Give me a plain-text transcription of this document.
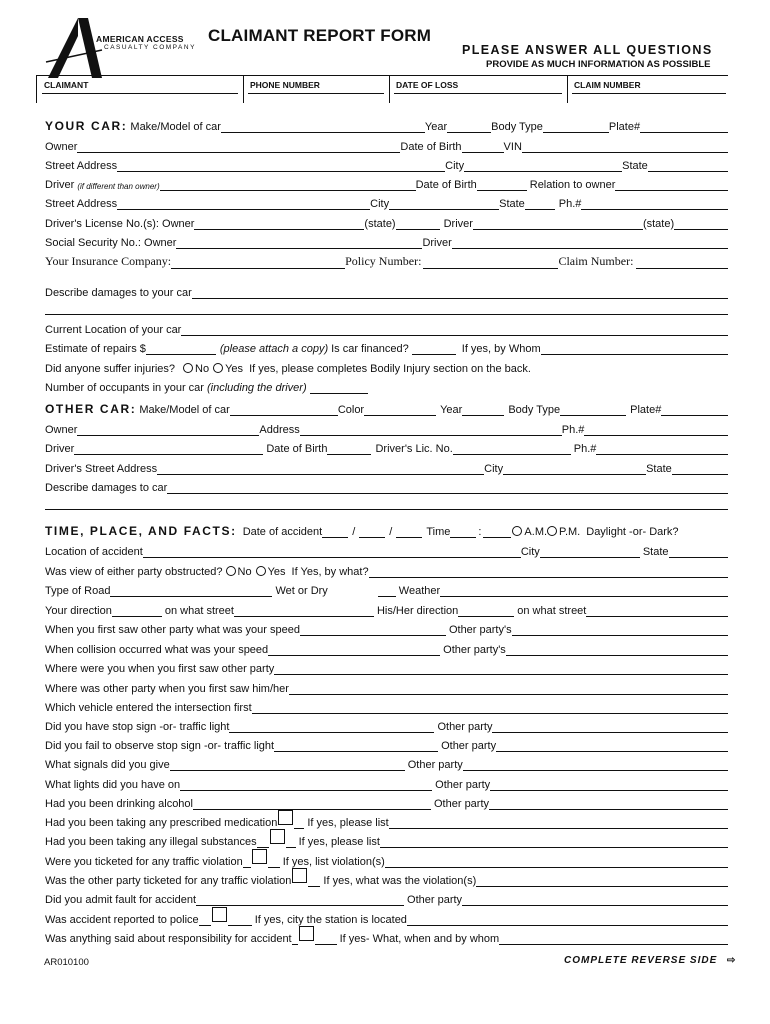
AMERICAN ACCESS
CASUALTY COMPANY
CLAIMANT REPORT FORM
PLEASE ANSWER ALL QUESTIONS
PROVIDE AS MUCH INFORMATION AS POSSIBLE
CLAIMANT	PHONE NUMBER	DATE OF LOSS	CLAIM NUMBER
YOUR CAR: Make/Model of car	Year	Body Type	Plate#
Owner	Date of Birth	VIN
Street Address	City	State
Driver (if different than owner)	Date of Birth	Relation to owner
Street Address	City	State	Ph.#
Driver's License No.(s): Owner	(state)	Driver	(state)
Social Security No.: Owner	Driver
Your Insurance Company:	Policy Number:	Claim Number:
Describe damages to your car
Current Location of your car
Estimate of repairs $	(please attach a copy) Is car financed?	If yes, by Whom
Did anyone suffer injuries? No Yes If yes, please completes Bodily Injury section on the back.
Number of occupants in your car (including the driver)
OTHER CAR: Make/Model of car	Color	Year	Body Type	Plate#
Owner	Address	Ph.#
Driver	Date of Birth	Driver's Lic. No.	Ph.#
Driver's Street Address	City	State
Describe damages to car
TIME, PLACE, AND FACTS: Date of accident	/	/	Time	:	A.M. P.M. Daylight -or- Dark?
Location of accident	City	State
Was view of either party obstructed? No Yes If Yes, by what?
Type of Road	Wet or Dry	Weather
Your direction	on what street	His/Her direction	on what street
When you first saw other party what was your speed	Other party's
When collision occurred what was your speed	Other party's
Where were you when you first saw other party
Where was other party when you first saw him/her
Which vehicle entered the intersection first
Did you have stop sign -or- traffic light	Other party
Did you fail to observe stop sign -or- traffic light	Other party
What signals did you give	Other party
What lights did you have on	Other party
Had you been drinking alcohol	Other party
Had you been taking any prescribed medication	If yes, please list
Had you been taking any illegal substances	If yes, please list
Were you ticketed for any traffic violation	If yes, list violation(s)
Was the other party ticketed for any traffic violation	If yes, what was the violation(s)
Did you admit fault for accident	Other party
Was accident reported to police	If yes, city the station is located
Was anything said about responsibility for accident	If yes- What, when and by whom
AR010100	COMPLETE REVERSE SIDE ⇨
